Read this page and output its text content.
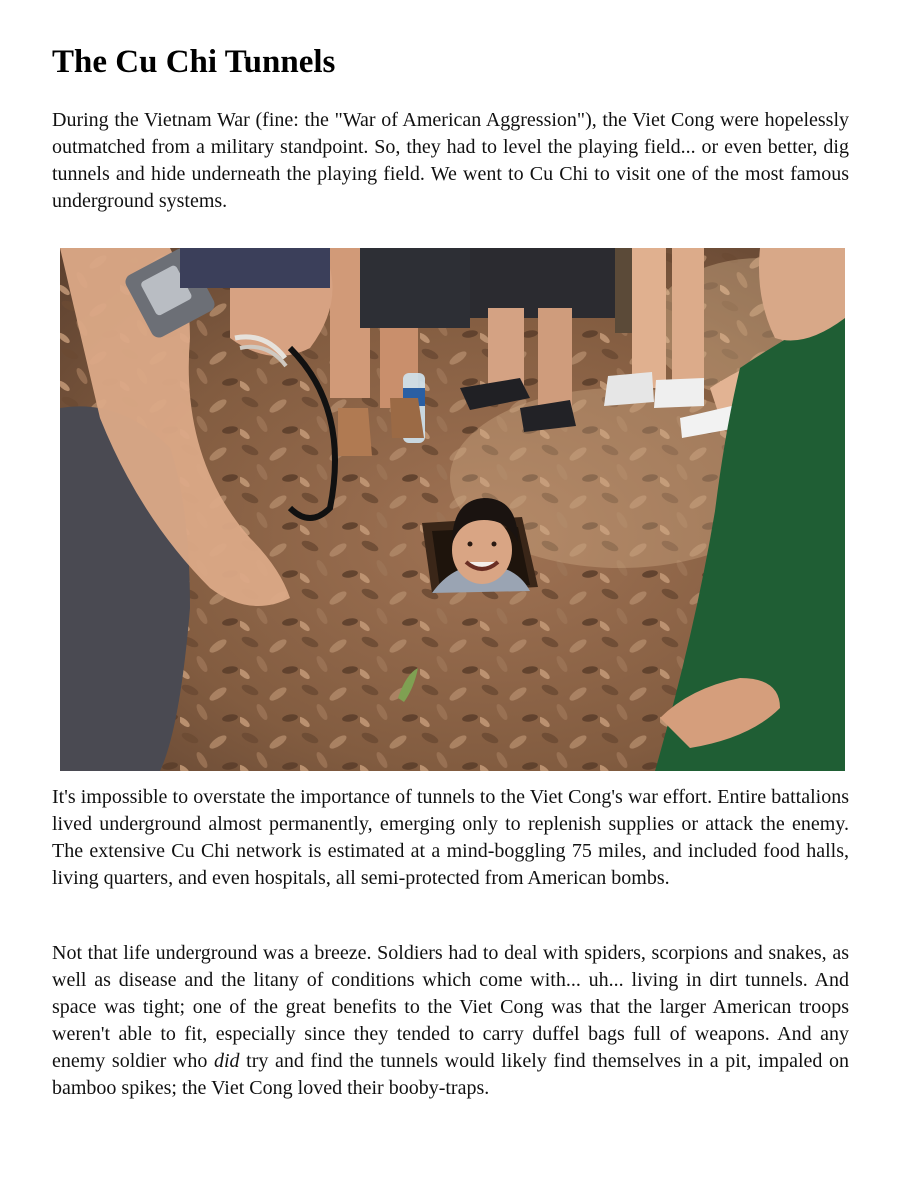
The Cu Chi Tunnels

During the Vietnam War (fine: the "War of American Aggression"), the Viet Cong were hopelessly outmatched from a military standpoint. So, they had to level the playing field... or even better, dig tunnels and hide underneath the playing field. We went to Cu Chi to visit one of the most famous underground systems.

It's impossible to overstate the importance of tunnels to the Viet Cong's war effort. Entire battalions lived underground almost permanently, emerging only to replenish supplies or attack the enemy. The extensive Cu Chi network is estimated at a mind-boggling 75 miles, and included food halls, living quarters, and even hospitals, all semi-protected from American bombs.

Not that life underground was a breeze. Soldiers had to deal with spiders, scorpions and snakes, as well as disease and the litany of conditions which come with... uh... living in dirt tunnels. And space was tight; one of the great benefits to the Viet Cong was that the larger American troops weren't able to fit, especially since they tended to carry duffel bags full of weapons. And any enemy soldier who did try and find the tunnels would likely find themselves in a pit, impaled on bamboo spikes; the Viet Cong loved their booby-traps.
